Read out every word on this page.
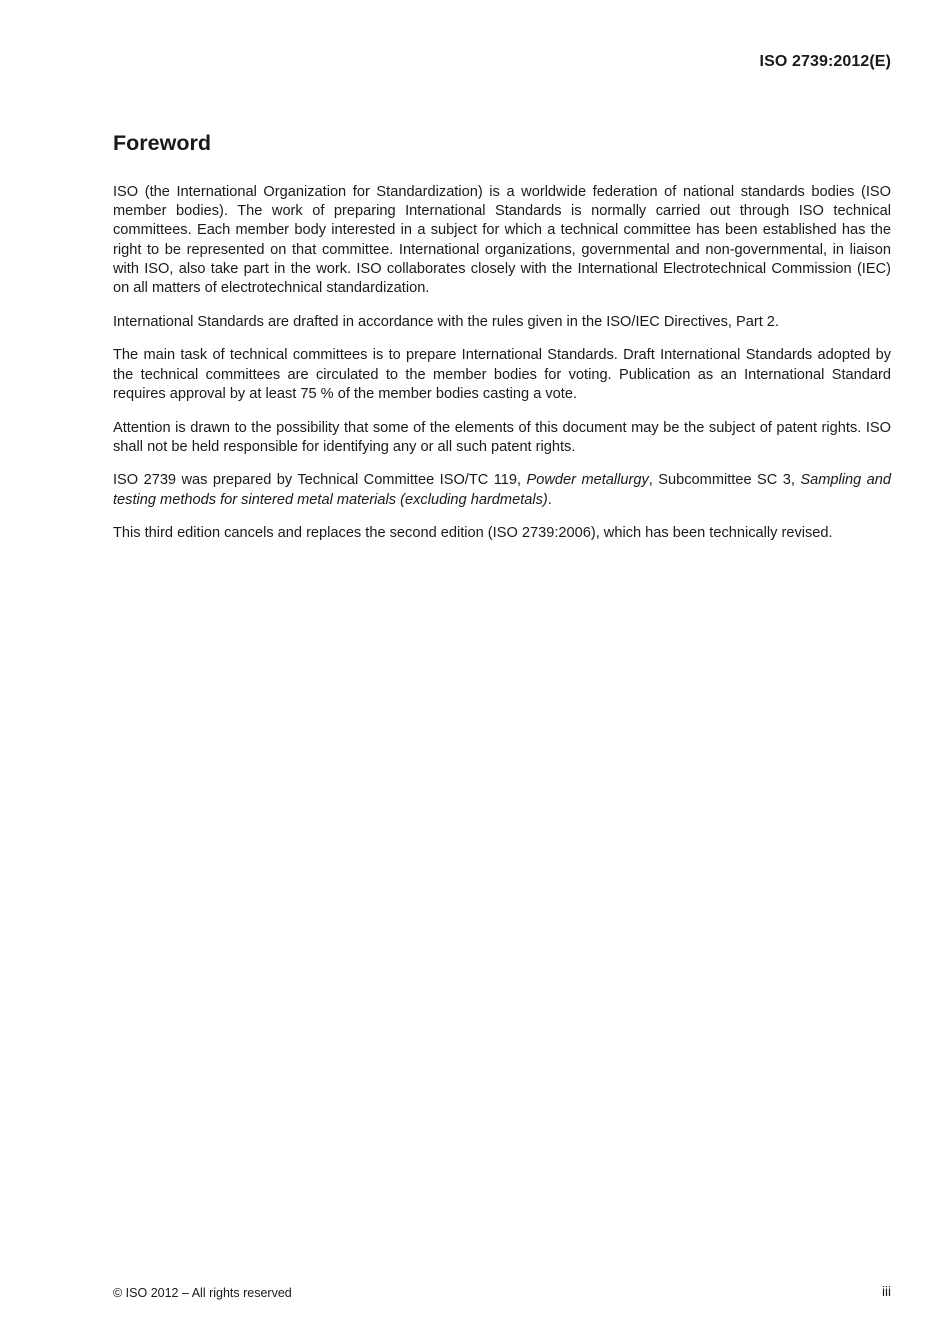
ISO 2739:2012(E)

Foreword

ISO (the International Organization for Standardization) is a worldwide federation of national standards bodies (ISO member bodies). The work of preparing International Standards is normally carried out through ISO technical committees. Each member body interested in a subject for which a technical committee has been established has the right to be represented on that committee. International organizations, governmental and non-governmental, in liaison with ISO, also take part in the work. ISO collaborates closely with the International Electrotechnical Commission (IEC) on all matters of electrotechnical standardization.

International Standards are drafted in accordance with the rules given in the ISO/IEC Directives, Part 2.

The main task of technical committees is to prepare International Standards. Draft International Standards adopted by the technical committees are circulated to the member bodies for voting. Publication as an International Standard requires approval by at least 75 % of the member bodies casting a vote.

Attention is drawn to the possibility that some of the elements of this document may be the subject of patent rights. ISO shall not be held responsible for identifying any or all such patent rights.

ISO 2739 was prepared by Technical Committee ISO/TC 119, Powder metallurgy, Subcommittee SC 3, Sampling and testing methods for sintered metal materials (excluding hardmetals).

This third edition cancels and replaces the second edition (ISO 2739:2006), which has been technically revised.

© ISO 2012 – All rights reserved	iii
